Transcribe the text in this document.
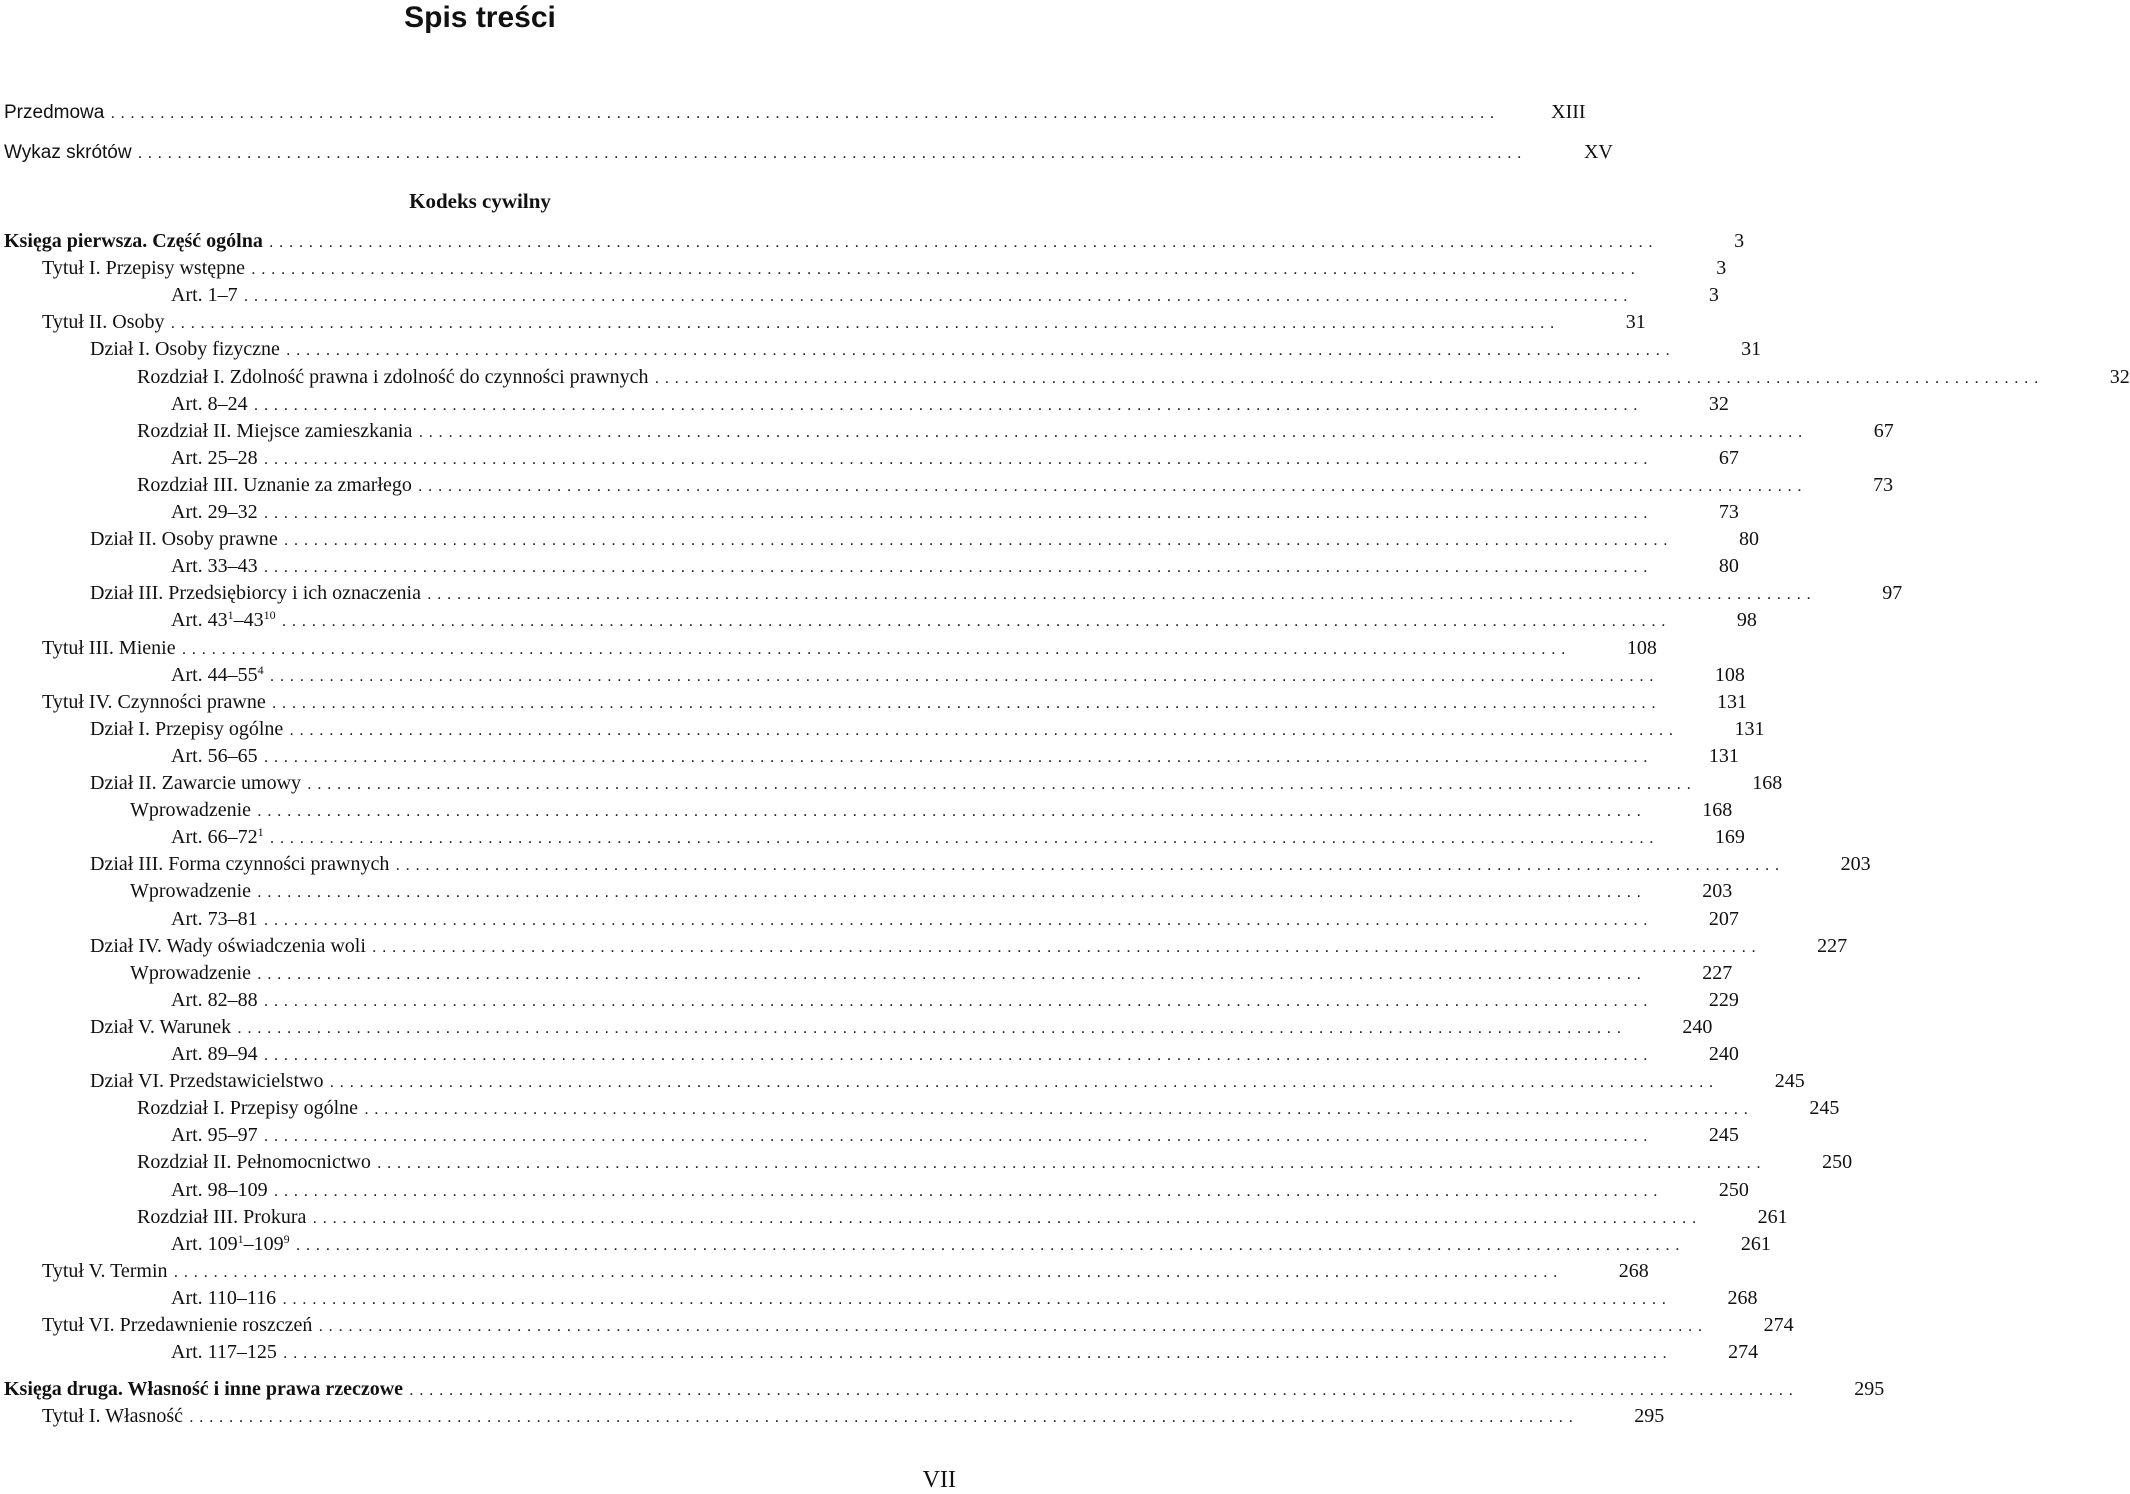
Spis treści
Przedmowa ............................................................................................................................................	XIII
Wykaz skrótów ............................................................................................................................................	XV
Księga pierwsza. Część ogólna ............................................................................................................................................	3
Tytuł I. Przepisy wstępne ............................................................................................................................................	3
Art. 1–7 ............................................................................................................................................	3
Tytuł II. Osoby ............................................................................................................................................	31
Dział I. Osoby fizyczne ............................................................................................................................................	31
Rozdział I. Zdolność prawna i zdolność do czynności prawnych ............................................................................................................................................	32
Art. 8–24 ............................................................................................................................................	32
Rozdział II. Miejsce zamieszkania ............................................................................................................................................	67
Art. 25–28 ............................................................................................................................................	67
Rozdział III. Uznanie za zmarłego ............................................................................................................................................	73
Art. 29–32 ............................................................................................................................................	73
Dział II. Osoby prawne ............................................................................................................................................	80
Art. 33–43 ............................................................................................................................................	80
Dział III. Przedsiębiorcy i ich oznaczenia ............................................................................................................................................	97
Art. $43^1-43^{10}$ ............................................................................................................................................	98
Tytuł III. Mienie ............................................................................................................................................	108
Art. $44-55^4$ ............................................................................................................................................	108
Tytuł IV. Czynności prawne ............................................................................................................................................	131
Dział I. Przepisy ogólne ............................................................................................................................................	131
Art. 56–65 ............................................................................................................................................	131
Dział II. Zawarcie umowy ............................................................................................................................................	168
Wprowadzenie ............................................................................................................................................	168
Art. $66-72^1$ ............................................................................................................................................	169
Dział III. Forma czynności prawnych ............................................................................................................................................	203
Wprowadzenie ............................................................................................................................................	203
Art. 73–81 ............................................................................................................................................	207
Dział IV. Wady oświadczenia woli ............................................................................................................................................	227
Wprowadzenie ............................................................................................................................................	227
Art. 82–88 ............................................................................................................................................	229
Dział V. Warunek ............................................................................................................................................	240
Art. 89–94 ............................................................................................................................................	240
Dział VI. Przedstawicielstwo ............................................................................................................................................	245
Rozdział I. Przepisy ogólne ............................................................................................................................................	245
Art. 95–97 ............................................................................................................................................	245
Rozdział II. Pełnomocnictwo ............................................................................................................................................	250
Art. 98–109 ............................................................................................................................................	250
Rozdział III. Prokura ............................................................................................................................................	261
Art. $109^1-109^9$ ............................................................................................................................................	261
Tytuł V. Termin ............................................................................................................................................	268
Art. 110–116 ............................................................................................................................................	268
Tytuł VI. Przedawnienie roszczeń ............................................................................................................................................	274
Art. 117–125 ............................................................................................................................................	274
Księga druga. Własność i inne prawa rzeczowe ............................................................................................................................................	295
Tytuł I. Własność ............................................................................................................................................	295
Kodeks cywilny
VII
